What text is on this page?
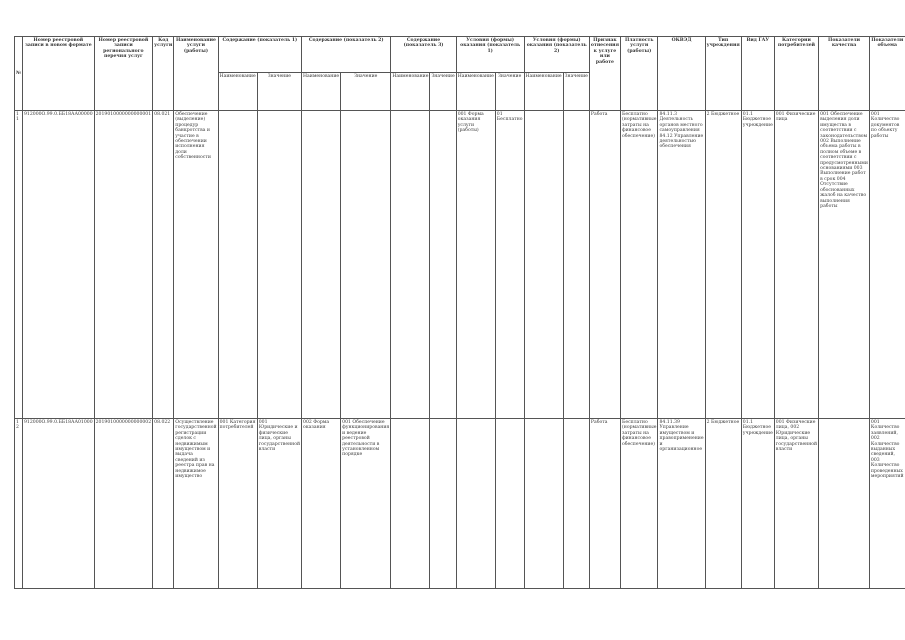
№	Номер реестровой записи в новом формате	Номер реестровой записи регионального перечня услуг	Код услуги	Наименование услуги (работы)	Содержание (показатель 1)		Содержание (показатель 2)		Содержание (показатель 3)		Условия (формы) оказания (показатель 1)		Условия (формы) оказания (показатель 2)		Признак отнесения к услуге или работе	Платность услуги (работы)	ОКВЭД	Тип учреждения	Вид ГАУ	Категории потребителей	Показатели качества	Показатели объема
					Наименование	Значение	Наименование	Значение	Наименование	Значение	Наименование	Значение	Наименование	Значение								
1 1	912000О.99.0.ББ18АА00000	2019010000000000001	08.021	Обеспечение (выделение) процедур банкротства и участие в обеспечении исполнения доли собственности							001 Форма оказания услуги (работы)	01 Бесплатно			Работа	Бесплатно (нормативные затраты на финансовое обеспечение)	84.11.3 Деятельность органов местного самоуправления 84.12 Управление деятельностью обеспечения	2 Бюджетное	01.1 Бюджетное учреждение	001 Физические лица	001 Обеспечение выделения доли имущества в соответствии с законодательством 002 Выполнение объема работы в полном объеме в соответствии с предусмотренными основаниями 003 Выполнение работ в срок 004 Отсутствие обоснованных жалоб на качество выполнения работы	001 Количество документов по объекту работы
1 2	912000О.99.0.ББ18АА01000	2019010000000000002	08.022	Осуществление государственной регистрации сделок с недвижимым имуществом и выдача сведений из реестра прав на недвижимое имущество	001 Категория потребителей	001 Юридические и физические лица, органы государственной власти	002 Форма оказания	001 Обеспечение функционирования и ведение реестровой деятельности в установленном порядке							Работа	Бесплатно (нормативные затраты на финансовое обеспечение)	84.11.39 Управление имуществом и правоприменение и организационное	2 Бюджетное	01.1 Бюджетное учреждение	001 Физические лица, 002 Юридические лица, органы государственной власти		001 Количество заявлений, 002 Количество выданных сведений, 003 Количество проведенных мероприятий
